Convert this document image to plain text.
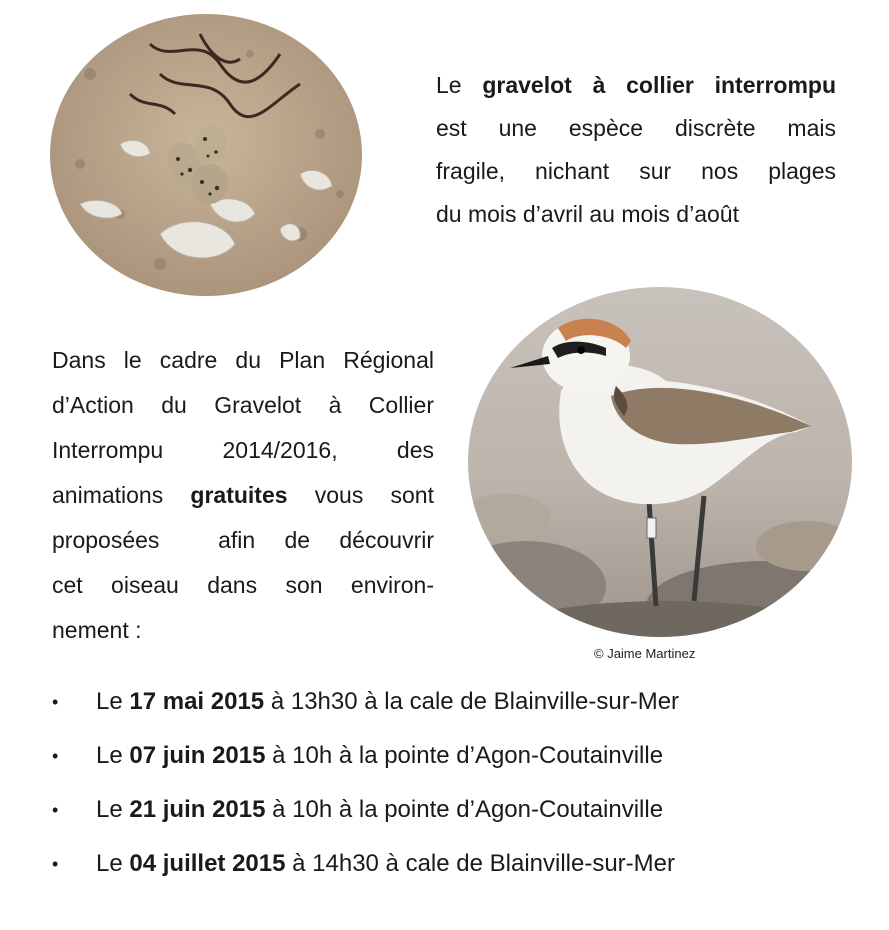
Le gravelot à collier interrompu
est une espèce discrète mais
fragile, nichant sur nos plages
du mois d’avril au mois d’août
© Jaime Martinez
Dans le cadre du Plan Régional
d’Action du Gravelot à Collier
Interrompu 2014/2016, des
animations gratuites vous sont
proposées  afin de découvrir
cet oiseau dans son environ-
nement :
• Le 17 mai 2015 à 13h30 à la cale de Blainville-sur-Mer
• Le 07 juin 2015 à 10h à la pointe d’Agon-Coutainville
• Le 21 juin 2015 à 10h à la pointe d’Agon-Coutainville
• Le 04 juillet 2015 à 14h30 à cale de Blainville-sur-Mer
